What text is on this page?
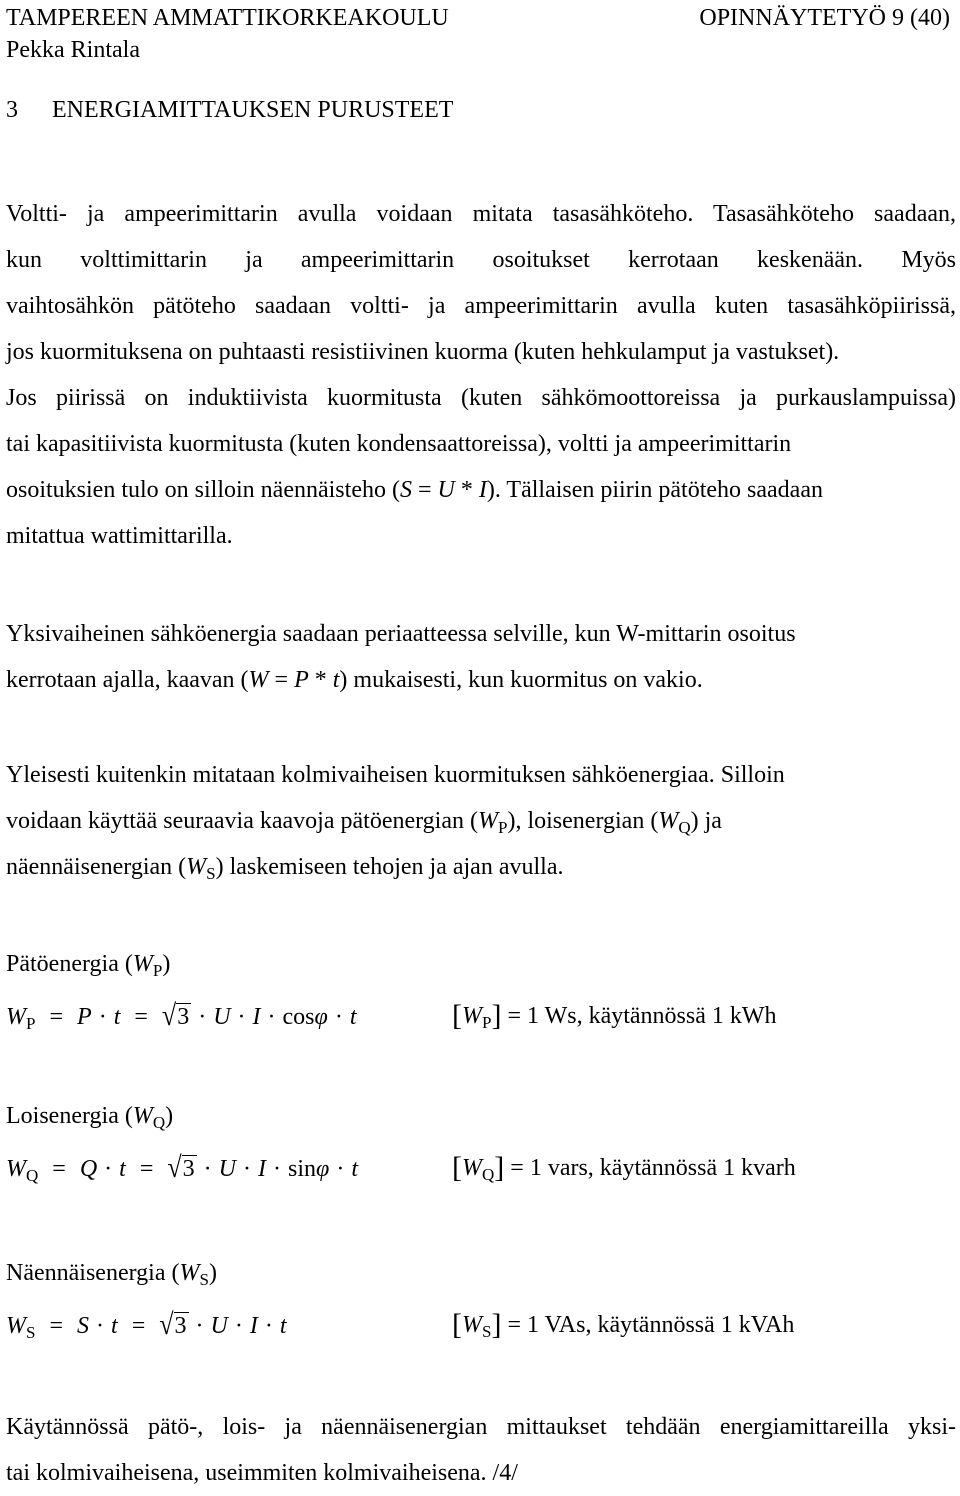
TAMPEREEN AMMATTIKORKEAKOULU	OPINNÄYTETYÖ 9 (40)
Pekka Rintala
3 ENERGIAMITTAUKSEN PURUSTEET
Voltti- ja ampeerimittarin avulla voidaan mitata tasasähköteho. Tasasähköteho saadaan,
kun volttimittarin ja ampeerimittarin osoitukset kerrotaan keskenään. Myös
vaihtosähkön pätöteho saadaan voltti- ja ampeerimittarin avulla kuten tasasähköpiirissä,
jos kuormituksena on puhtaasti resistiivinen kuorma (kuten hehkulamput ja vastukset).
Jos piirissä on induktiivista kuormitusta (kuten sähkömoottoreissa ja purkauslampuissa)
tai kapasitiivista kuormitusta (kuten kondensaattoreissa), voltti ja ampeerimittarin
osoituksien tulo on silloin näennäisteho (S = U * I). Tällaisen piirin pätöteho saadaan
mitattua wattimittarilla.
Yksivaiheinen sähköenergia saadaan periaatteessa selville, kun W-mittarin osoitus
kerrotaan ajalla, kaavan (W = P * t) mukaisesti, kun kuormitus on vakio.
Yleisesti kuitenkin mitataan kolmivaiheisen kuormituksen sähköenergiaa. Silloin
voidaan käyttää seuraavia kaavoja pätöenergian $(W_P)$, loisenergian $(W_Q)$ ja
näennäisenergian $(W_S)$ laskemiseen tehojen ja ajan avulla.
Pätöenergia $(W_P)$
$W_P = P \cdot t = √3 \cdot U \cdot I \cdot \cos\varphi \cdot t$	$[W_P] = 1$ Ws, käytännössä 1 kWh
Loisenergia $(W_Q)$
$W_Q = Q \cdot t = √3 \cdot U \cdot I \cdot \sin\varphi \cdot t$	$[W_Q] = 1$ vars, käytännössä 1 kvarh
Näennäisenergia $(W_S)$
$W_S = S \cdot t = √3 \cdot U \cdot I \cdot t$	$[W_S] = 1$ VAs, käytännössä 1 kVAh
Käytännössä pätö-, lois- ja näennäisenergian mittaukset tehdään energiamittareilla yksi-
tai kolmivaiheisena, useimmiten kolmivaiheisena. /4/
